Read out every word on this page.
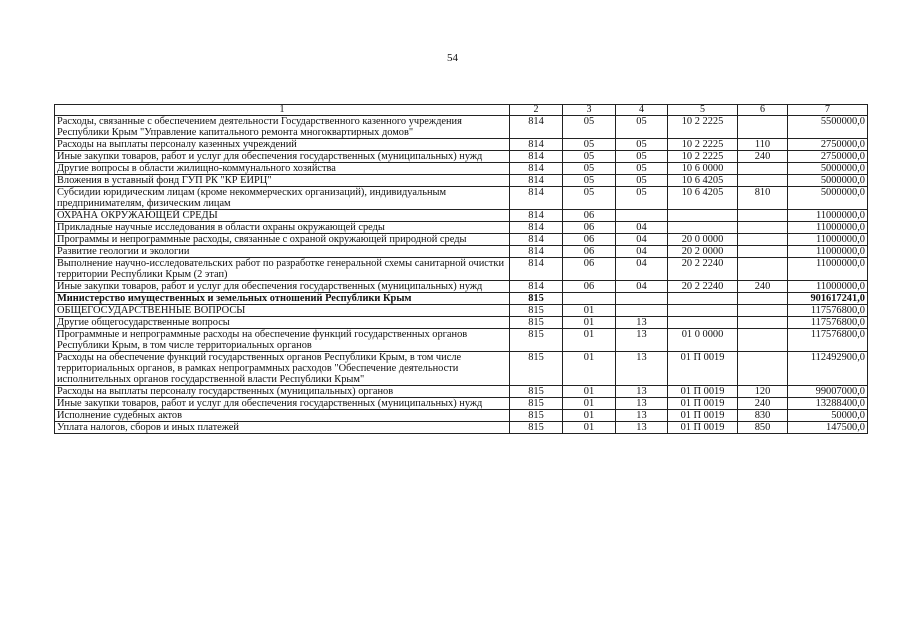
54
1	2	3	4	5	6	7
Расходы, связанные с обеспечением деятельности Государственного казенного учреждения Республики Крым "Управление капитального ремонта многоквартирных домов"	814	05	05	10 2 2225		5500000,0
Расходы на выплаты персоналу казенных учреждений	814	05	05	10 2 2225	110	2750000,0
Иные закупки товаров, работ и услуг для обеспечения государственных (муниципальных) нужд	814	05	05	10 2 2225	240	2750000,0
Другие вопросы в области жилищно-коммунального хозяйства	814	05	05	10 6 0000		5000000,0
Вложения в уставный фонд ГУП РК "КР ЕИРЦ"	814	05	05	10 6 4205		5000000,0
Субсидии юридическим лицам (кроме некоммерческих организаций), индивидуальным предпринимателям, физическим лицам	814	05	05	10 6 4205	810	5000000,0
ОХРАНА ОКРУЖАЮЩЕЙ СРЕДЫ	814	06				11000000,0
Прикладные научные исследования в области охраны окружающей среды	814	06	04			11000000,0
Программы и непрограммные расходы, связанные с охраной окружающей природной среды	814	06	04	20 0 0000		11000000,0
Развитие геологии и экологии	814	06	04	20 2 0000		11000000,0
Выполнение научно-исследовательских работ по разработке генеральной схемы санитарной очистки территории Республики Крым (2 этап)	814	06	04	20 2 2240		11000000,0
Иные закупки товаров, работ и услуг для обеспечения государственных (муниципальных) нужд	814	06	04	20 2 2240	240	11000000,0
Министерство имущественных и земельных отношений Республики Крым	815					901617241,0
ОБЩЕГОСУДАРСТВЕННЫЕ ВОПРОСЫ	815	01				117576800,0
Другие общегосударственные вопросы	815	01	13			117576800,0
Программные и непрограммные расходы на обеспечение функций государственных органов Республики Крым, в том числе территориальных органов	815	01	13	01 0 0000		117576800,0
Расходы на обеспечение функций государственных органов Республики Крым, в том числе территориальных органов, в рамках непрограммных расходов "Обеспечение деятельности исполнительных органов государственной власти Республики Крым"	815	01	13	01 П 0019		112492900,0
Расходы на выплаты персоналу государственных (муниципальных) органов	815	01	13	01 П 0019	120	99007000,0
Иные закупки товаров, работ и услуг для обеспечения государственных (муниципальных) нужд	815	01	13	01 П 0019	240	13288400,0
Исполнение судебных актов	815	01	13	01 П 0019	830	50000,0
Уплата налогов, сборов и иных платежей	815	01	13	01 П 0019	850	147500,0
